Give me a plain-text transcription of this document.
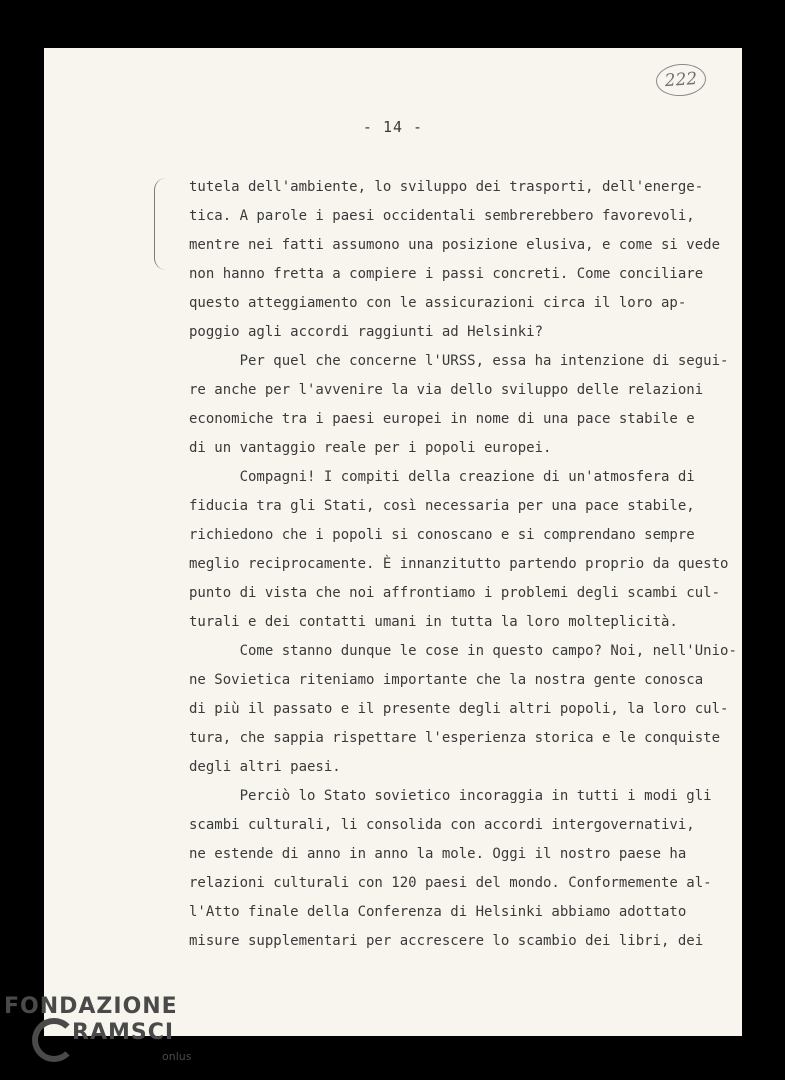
222
- 14 -
tutela dell'ambiente, lo sviluppo dei trasporti, dell'energe-
tica. A parole i paesi occidentali sembrerebbero favorevoli,
mentre nei fatti assumono una posizione elusiva, e come si vede
non hanno fretta a compiere i passi concreti. Come conciliare
questo atteggiamento con le assicurazioni circa il loro ap-
poggio agli accordi raggiunti ad Helsinki?
Per quel che concerne l'URSS, essa ha intenzione di segui-
re anche per l'avvenire la via dello sviluppo delle relazioni
economiche tra i paesi europei in nome di una pace stabile e
di un vantaggio reale per i popoli europei.
Compagni! I compiti della creazione di un'atmosfera di
fiducia tra gli Stati, così necessaria per una pace stabile,
richiedono che i popoli si conoscano e si comprendano sempre
meglio reciprocamente. È innanzitutto partendo proprio da questo
punto di vista che noi affrontiamo i problemi degli scambi cul-
turali e dei contatti umani in tutta la loro molteplicità.
Come stanno dunque le cose in questo campo? Noi, nell'Unio-
ne Sovietica riteniamo importante che la nostra gente conosca
di più il passato e il presente degli altri popoli, la loro cul-
tura, che sappia rispettare l'esperienza storica e le conquiste
degli altri paesi.
Perciò lo Stato sovietico incoraggia in tutti i modi gli
scambi culturali, li consolida con accordi intergovernativi,
ne estende di anno in anno la mole. Oggi il nostro paese ha
relazioni culturali con 120 paesi del mondo. Conformemente al-
l'Atto finale della Conferenza di Helsinki abbiamo adottato
misure supplementari per accrescere lo scambio dei libri, dei
FONDAZIONE
RAMSCI
onlus
